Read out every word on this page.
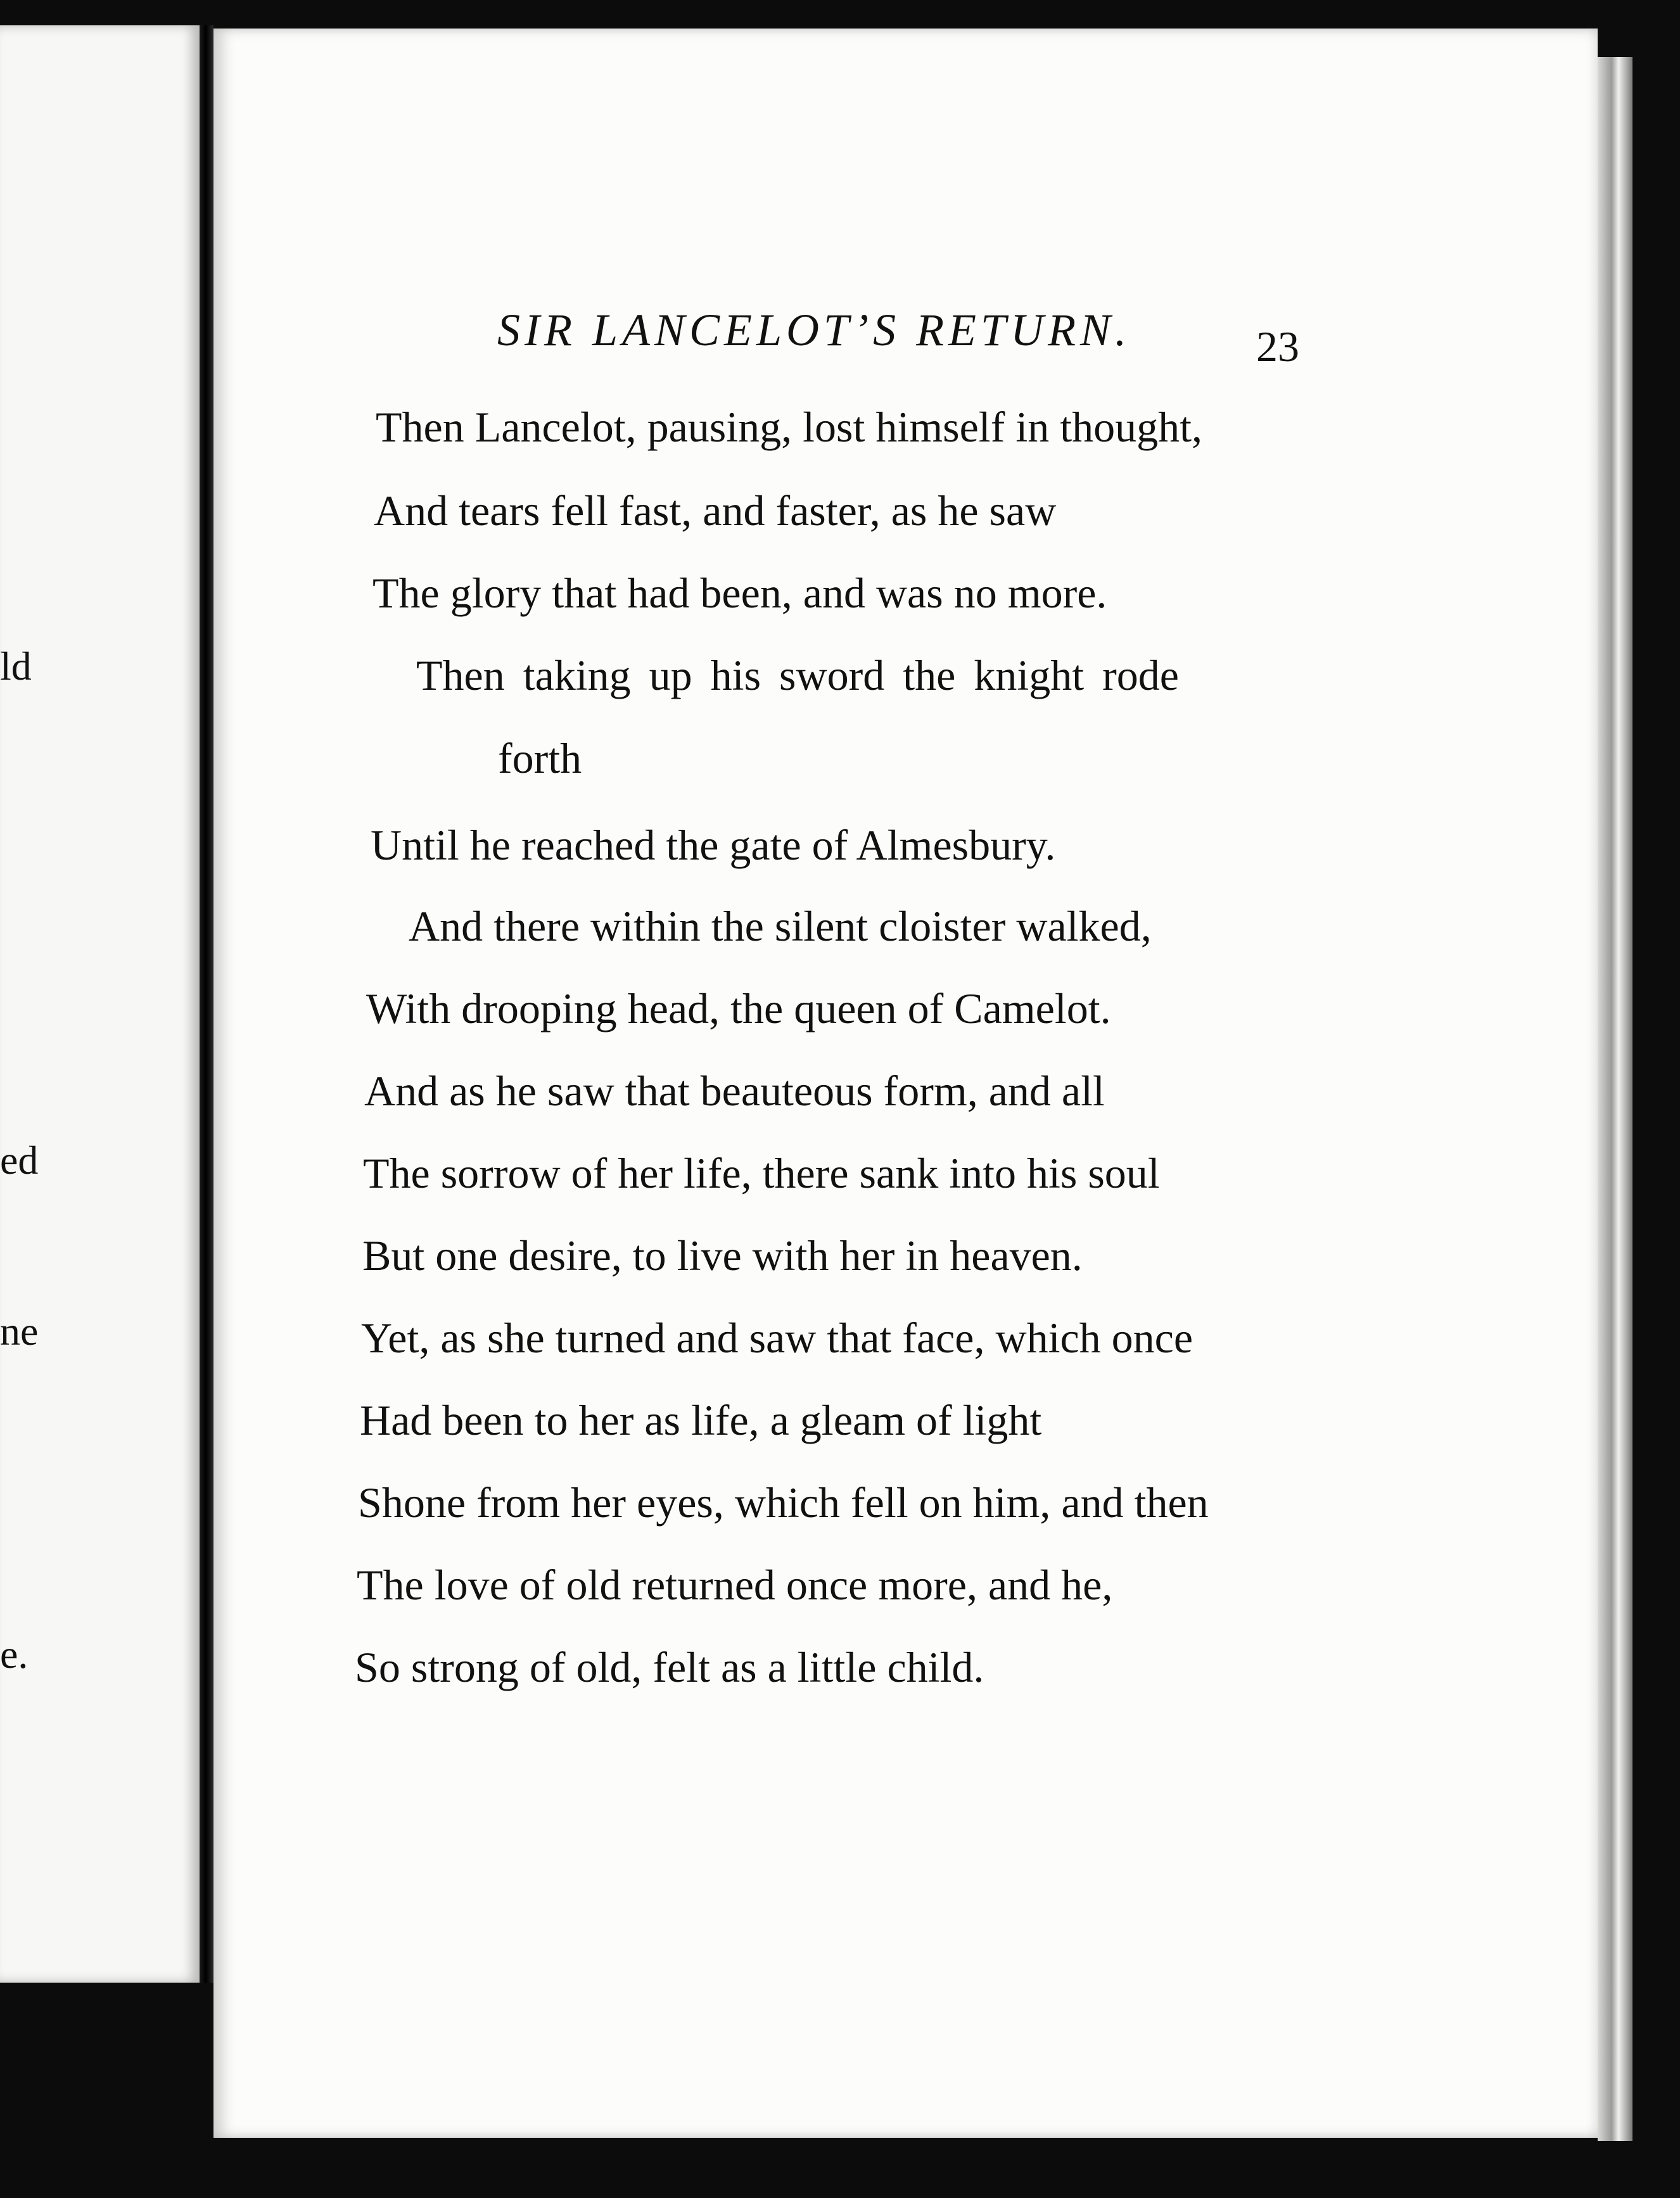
ld
ed
ne
e.
SIR LANCELOT’S RETURN.	23
Then Lancelot, pausing, lost himself in thought,
And tears fell fast, and faster, as he saw
The glory that had been, and was no more.
Then taking up his sword the knight rode
forth
Until he reached the gate of Almesbury.
And there within the silent cloister walked,
With drooping head, the queen of Camelot.
And as he saw that beauteous form, and all
The sorrow of her life, there sank into his soul
But one desire, to live with her in heaven.
Yet, as she turned and saw that face, which once
Had been to her as life, a gleam of light
Shone from her eyes, which fell on him, and then
The love of old returned once more, and he,
So strong of old, felt as a little child.
